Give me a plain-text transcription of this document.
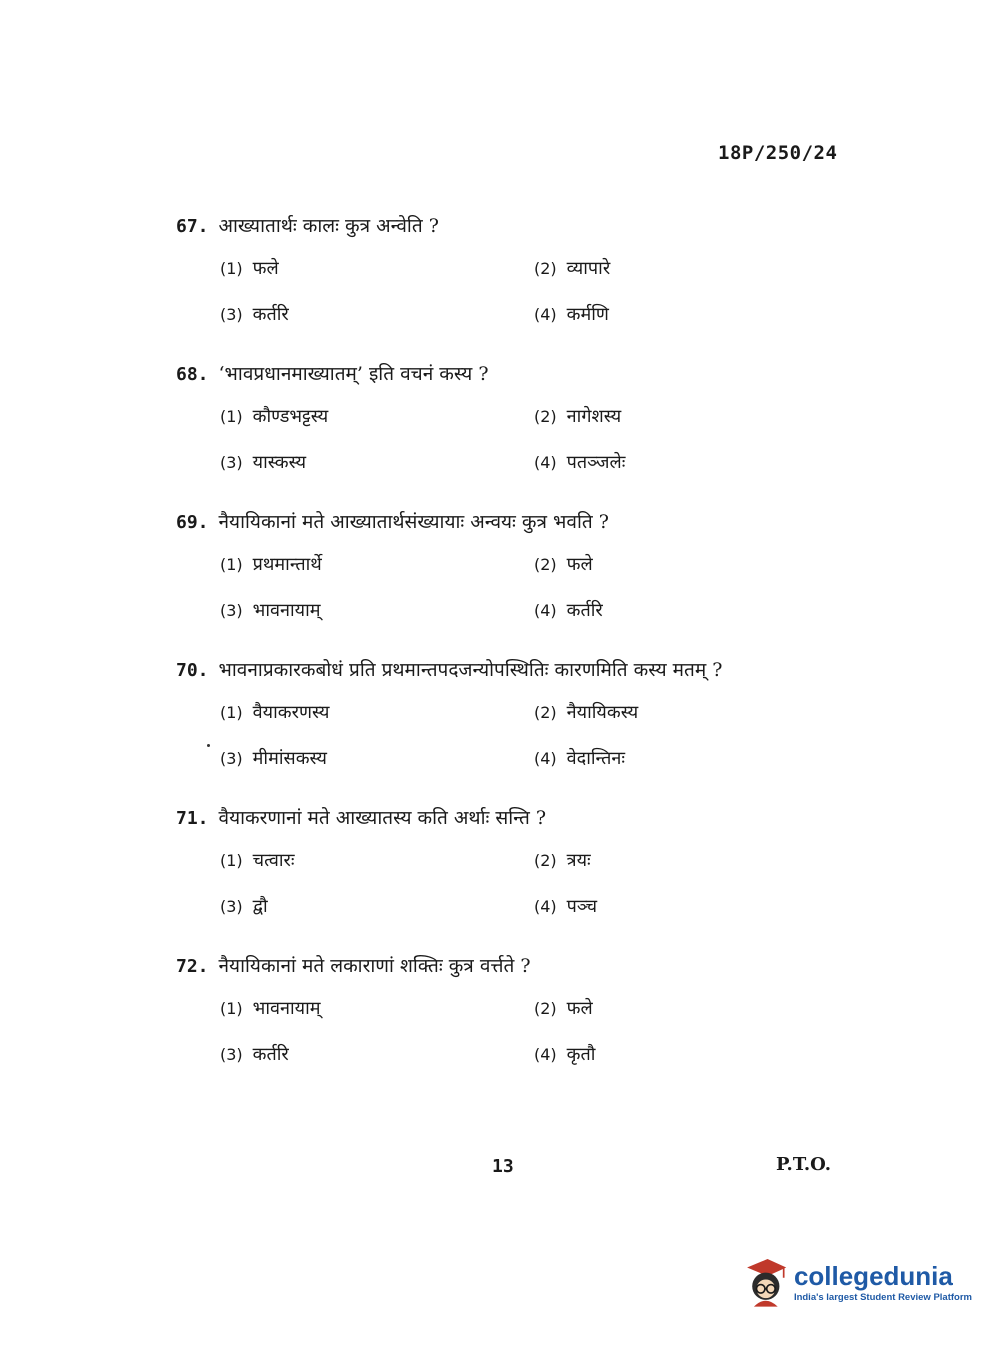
18P/250/24
67. आख्यातार्थः कालः कुत्र अन्वेति ?
(1) फले	(2) व्यापारे
(3) कर्तरि	(4) कर्मणि
68. ‘भावप्रधानमाख्यातम्’ इति वचनं कस्य ?
(1) कौण्डभट्टस्य	(2) नागेशस्य
(3) यास्कस्य	(4) पतञ्जलेः
69. नैयायिकानां मते आख्यातार्थसंख्यायाः अन्वयः कुत्र भवति ?
(1) प्रथमान्तार्थे	(2) फले
(3) भावनायाम्	(4) कर्तरि
70. भावनाप्रकारकबोधं प्रति प्रथमान्तपदजन्योपस्थितिः कारणमिति कस्य मतम् ?
(1) वैयाकरणस्य	(2) नैयायिकस्य
(3) मीमांसकस्य	(4) वेदान्तिनः
71. वैयाकरणानां मते आख्यातस्य कति अर्थाः सन्ति ?
(1) चत्वारः	(2) त्रयः
(3) द्वौ	(4) पञ्च
72. नैयायिकानां मते लकाराणां शक्तिः कुत्र वर्त्तते ?
(1) भावनायाम्	(2) फले
(3) कर्तरि	(4) कृतौ
13	P.T.O.
collegedunia
India's largest Student Review Platform
